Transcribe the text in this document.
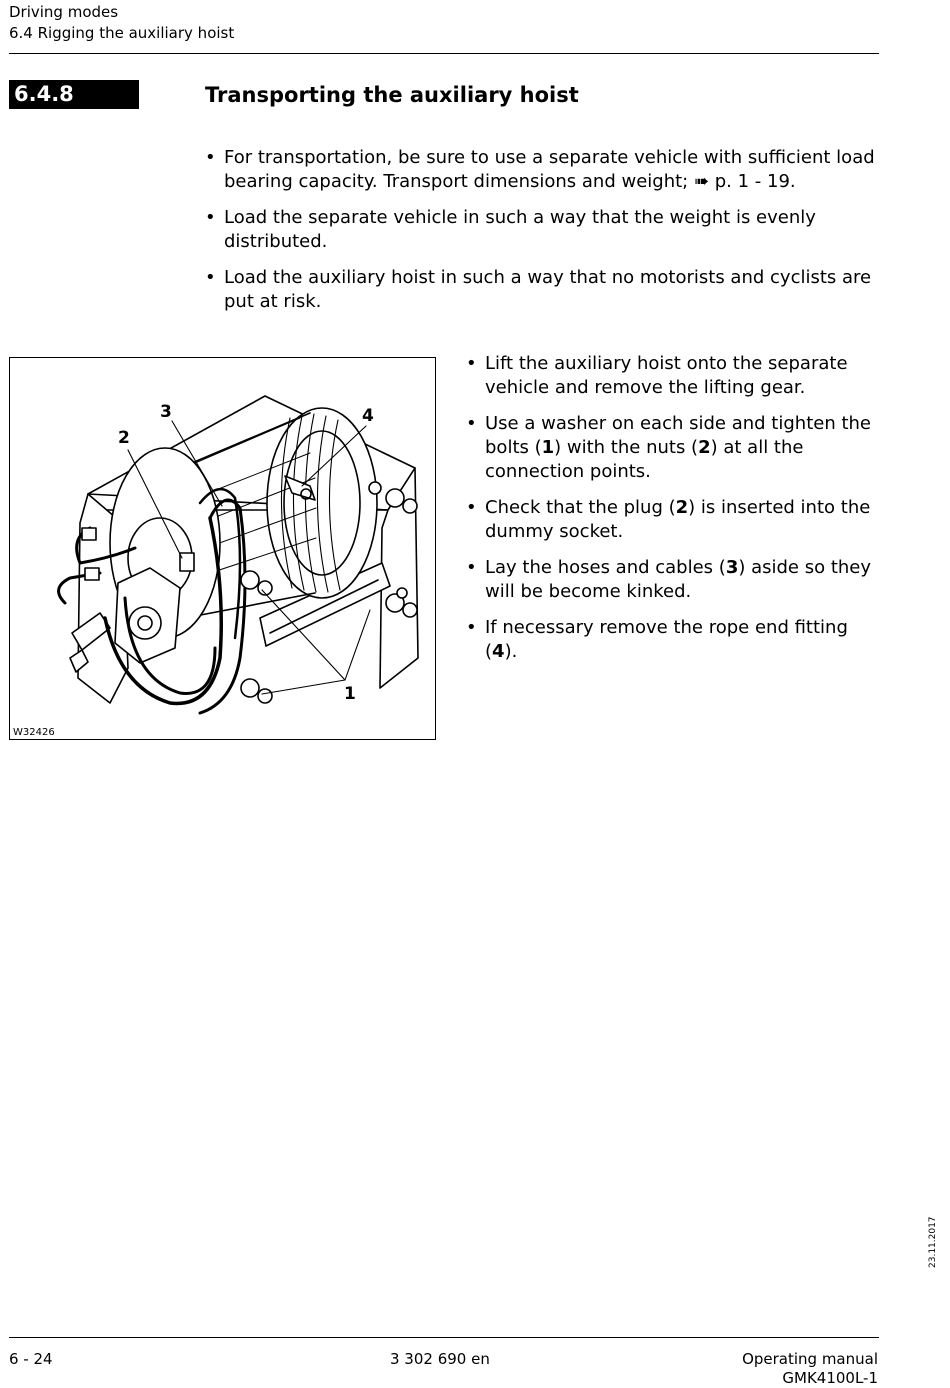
Driving modes
6.4 Rigging the auxiliary hoist
6.4.8	Transporting the auxiliary hoist
• For transportation, be sure to use a separate vehicle with sufficient load bearing capacity. Transport dimensions and weight; ➠ p. 1 - 19.
• Load the separate vehicle in such a way that the weight is evenly distributed.
• Load the auxiliary hoist in such a way that no motorists and cyclists are put at risk.
2
3	4
1
W32426
• Lift the auxiliary hoist onto the separate vehicle and remove the lifting gear.
• Use a washer on each side and tighten the bolts (1) with the nuts (2) at all the connection points.
• Check that the plug (2) is inserted into the dummy socket.
• Lay the hoses and cables (3) aside so they will be become kinked.
• If necessary remove the rope end fitting (4).
23.11.2017
6 - 24	3 302 690 en	Operating manual
GMK4100L-1
